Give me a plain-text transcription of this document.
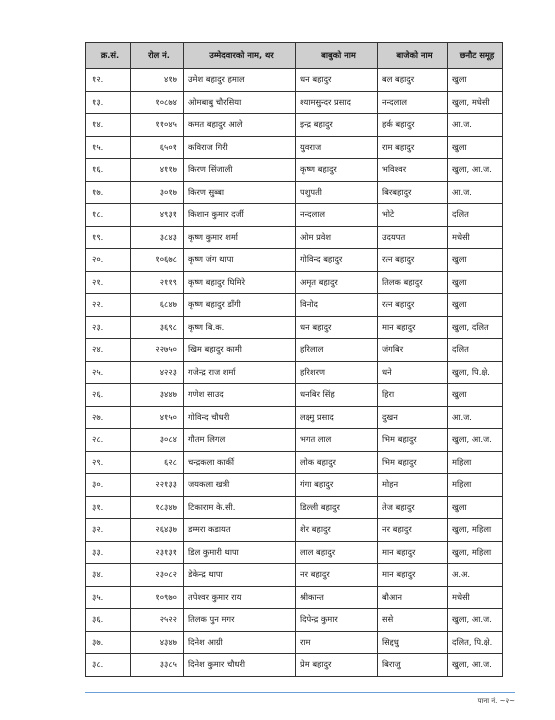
क्र.सं.	रोल नं.	उम्मेदवारको नाम, थर	बाबुको नाम	बाजेको नाम	छनौट समूह
१२.	४१७	उमेश बहादुर हमाल	धन बहादुर	बल बहादुर	खुला
१३.	१०८७४	ओमबाबु चौरसिया	श्यामसुन्दर प्रसाद	नन्दलाल	खुला, मधेसी
१४.	११०४५	कमत बहादुर आले	इन्द्र बहादुर	हर्क बहादुर	आ.ज.
१५.	६५०१	कविराज गिरी	युवराज	राम बहादुर	खुला
१६.	४११७	किरण सिंजाली	कृष्ण बहादुर	भविश्वर	खुला, आ.ज.
१७.	३०१७	किरण सुब्बा	पशुपती	बिरबहादुर	आ.ज.
१८.	४९३१	किशान कुमार दर्जी	नन्दलाल	भोटे	दलित
१९.	३८४३	कृष्ण कुमार शर्मा	ओम प्रवेश	उदयपत	मधेसी
२०.	१०६७८	कृष्ण जंग थापा	गोविन्द बहादुर	रत्न बहादुर	खुला
२१.	२११९	कृष्ण बहादुर घिमिरे	अमृत बहादुर	तिलक बहादुर	खुला
२२.	६८४७	कृष्ण बहादुर डाँगी	विनोद	रत्न बहादुर	खुला
२३.	३६९८	कृष्ण बि.क.	धन बहादुर	मान बहादुर	खुला, दलित
२४.	२२७५०	खिम बहादुर कामी	हरिलाल	जंगबिर	दलित
२५.	४२२३	गजेन्द्र राज शर्मा	हरिशरण	धने	खुला, पि.क्षे.
२६.	३४४७	गणेश साउद	धनबिर सिंह	हिरा	खुला
२७.	४१५०	गोविन्द चौधरी	लक्ष्मु प्रसाद	दुखन	आ.ज.
२८.	३०८४	गौतम लिगल	भगत लाल	भिम बहादुर	खुला, आ.ज.
२९.	६२८	चन्द्रकला कार्की	लोक बहादुर	भिम बहादुर	महिला
३०.	२२१३३	जयकला खत्री	गंगा बहादुर	मोहन	महिला
३१.	१८३४७	टिकाराम के.सी.	डिल्ली बहादुर	तेज बहादुर	खुला
३२.	२६४३७	डम्मरा कडायत	शेर बहादुर	नर बहादुर	खुला, महिला
३३.	२३१३१	डिल कुमारी थापा	लाल बहादुर	मान बहादुर	खुला, महिला
३४.	२३०८२	डेकेन्द्र थापा	नर बहादुर	मान बहादुर	अ.अ.
३५.	१०९७०	तपेश्वर कुमार राय	श्रीकान्त	बौआन	मधेसी
३६.	२५२२	तिलक पुन मगर	दिपेन्द्र कुमार	ससे	खुला, आ.ज.
३७.	४३४७	दिनेश आग्री	राम	सिद्दधु	दलित, पि.क्षे.
३८.	३३८५	दिनेश कुमार चौधरी	प्रेम बहादुर	बिराजु	खुला, आ.ज.
पाना नं. ~२~
